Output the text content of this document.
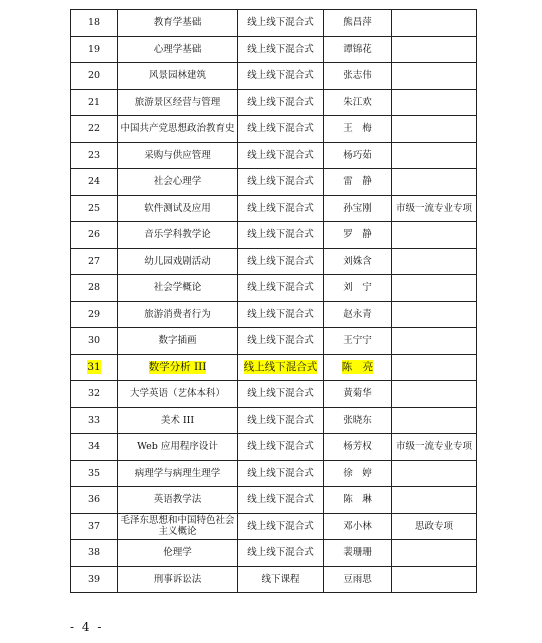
18	教育学基础	线上线下混合式	熊昌萍	
19	心理学基础	线上线下混合式	谭锦花	
20	风景园林建筑	线上线下混合式	张志伟	
21	旅游景区经营与管理	线上线下混合式	朱江欢	
22	中国共产党思想政治教育史	线上线下混合式	王　梅	
23	采购与供应管理	线上线下混合式	杨巧茹	
24	社会心理学	线上线下混合式	雷　静	
25	软件测试及应用	线上线下混合式	孙宝刚	市级一流专业专项
26	音乐学科教学论	线上线下混合式	罗　静	
27	幼儿园戏剧活动	线上线下混合式	刘姝含	
28	社会学概论	线上线下混合式	刘　宁	
29	旅游消费者行为	线上线下混合式	赵永青	
30	数字插画	线上线下混合式	王宁宁	
31	数学分析 III	线上线下混合式	陈　亮	
32	大学英语（艺体本科）	线上线下混合式	黄菊华	
33	美术 III	线上线下混合式	张晓东	
34	Web 应用程序设计	线上线下混合式	杨芳权	市级一流专业专项
35	病理学与病理生理学	线上线下混合式	徐　婷	
36	英语教学法	线上线下混合式	陈　琳	
37	毛泽东思想和中国特色社会主义概论	线上线下混合式	邓小林	思政专项
38	伦理学	线上线下混合式	裴珊珊	
39	刑事诉讼法	线下课程	豆雨思	
- 4 -
